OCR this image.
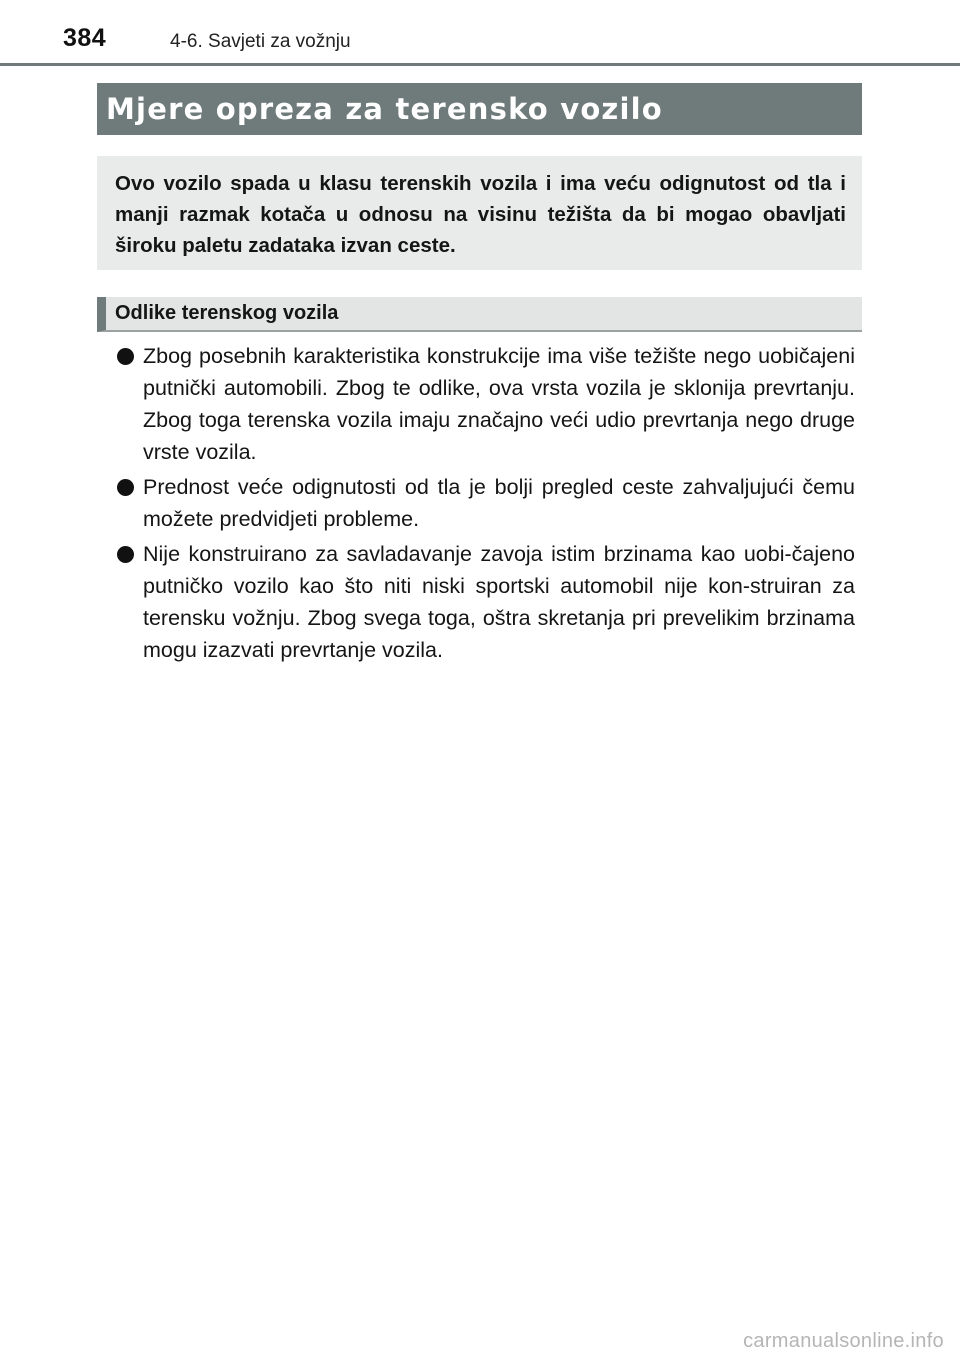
384	4-6. Savjeti za vožnju
Mjere opreza za terensko vozilo

Ovo vozilo spada u klasu terenskih vozila i ima veću odignutost od tla i manji razmak kotača u odnosu na visinu težišta da bi mogao obavljati široku paletu zadataka izvan ceste.

Odlike terenskog vozila
Zbog posebnih karakteristika konstrukcije ima više težište nego uobičajeni putnički automobili. Zbog te odlike, ova vrsta vozila je sklonija prevrtanju. Zbog toga terenska vozila imaju značajno veći udio prevrtanja nego druge vrste vozila.
Prednost veće odignutosti od tla je bolji pregled ceste zahvaljujući čemu možete predvidjeti probleme.
Nije konstruirano za savladavanje zavoja istim brzinama kao uobi-čajeno putničko vozilo kao što niti niski sportski automobil nije kon-struiran za terensku vožnju. Zbog svega toga, oštra skretanja pri prevelikim brzinama mogu izazvati prevrtanje vozila.
carmanualsonline.info
